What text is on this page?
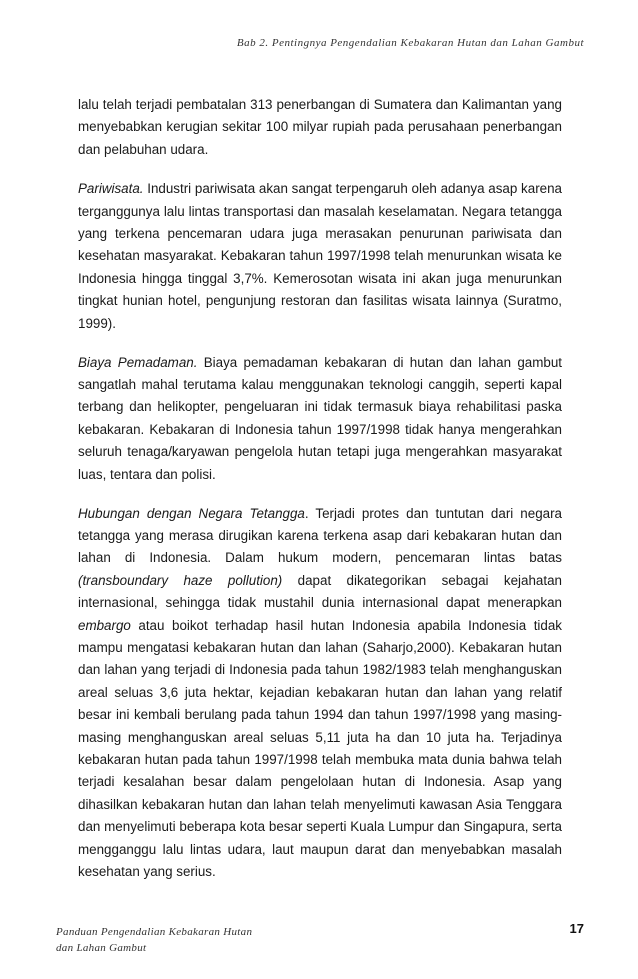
Bab 2. Pentingnya Pengendalian Kebakaran Hutan dan Lahan Gambut

lalu telah terjadi pembatalan 313 penerbangan di Sumatera dan Kalimantan yang menyebabkan kerugian sekitar 100 milyar rupiah pada perusahaan penerbangan dan pelabuhan udara.

Pariwisata. Industri pariwisata akan sangat terpengaruh oleh adanya asap karena terganggunya lalu lintas transportasi dan masalah keselamatan. Negara tetangga yang terkena pencemaran udara juga merasakan penurunan pariwisata dan kesehatan masyarakat. Kebakaran tahun 1997/1998 telah menurunkan wisata ke Indonesia hingga tinggal 3,7%. Kemerosotan wisata ini akan juga menurunkan tingkat hunian hotel, pengunjung restoran dan fasilitas wisata lainnya (Suratmo, 1999).

Biaya Pemadaman. Biaya pemadaman kebakaran di hutan dan lahan gambut sangatlah mahal terutama kalau menggunakan teknologi canggih, seperti kapal terbang dan helikopter, pengeluaran ini tidak termasuk biaya rehabilitasi paska kebakaran. Kebakaran di Indonesia tahun 1997/1998 tidak hanya mengerahkan seluruh tenaga/karyawan pengelola hutan tetapi juga mengerahkan masyarakat luas, tentara dan polisi.

Hubungan dengan Negara Tetangga. Terjadi protes dan tuntutan dari negara tetangga yang merasa dirugikan karena terkena asap dari kebakaran hutan dan lahan di Indonesia. Dalam hukum modern, pencemaran lintas batas (transboundary haze pollution) dapat dikategorikan sebagai kejahatan internasional, sehingga tidak mustahil dunia internasional dapat menerapkan embargo atau boikot terhadap hasil hutan Indonesia apabila Indonesia tidak mampu mengatasi kebakaran hutan dan lahan (Saharjo,2000). Kebakaran hutan dan lahan yang terjadi di Indonesia pada tahun 1982/1983 telah menghanguskan areal seluas 3,6 juta hektar, kejadian kebakaran hutan dan lahan yang relatif besar ini kembali berulang pada tahun 1994 dan tahun 1997/1998 yang masing-masing menghanguskan areal seluas 5,11 juta ha dan 10 juta ha. Terjadinya kebakaran hutan pada tahun 1997/1998 telah membuka mata dunia bahwa telah terjadi kesalahan besar dalam pengelolaan hutan di Indonesia. Asap yang dihasilkan kebakaran hutan dan lahan telah menyelimuti kawasan Asia Tenggara dan menyelimuti beberapa kota besar seperti Kuala Lumpur dan Singapura, serta mengganggu lalu lintas udara, laut maupun darat dan menyebabkan masalah kesehatan yang serius.

Panduan Pengendalian Kebakaran Hutan
dan Lahan Gambut
17
